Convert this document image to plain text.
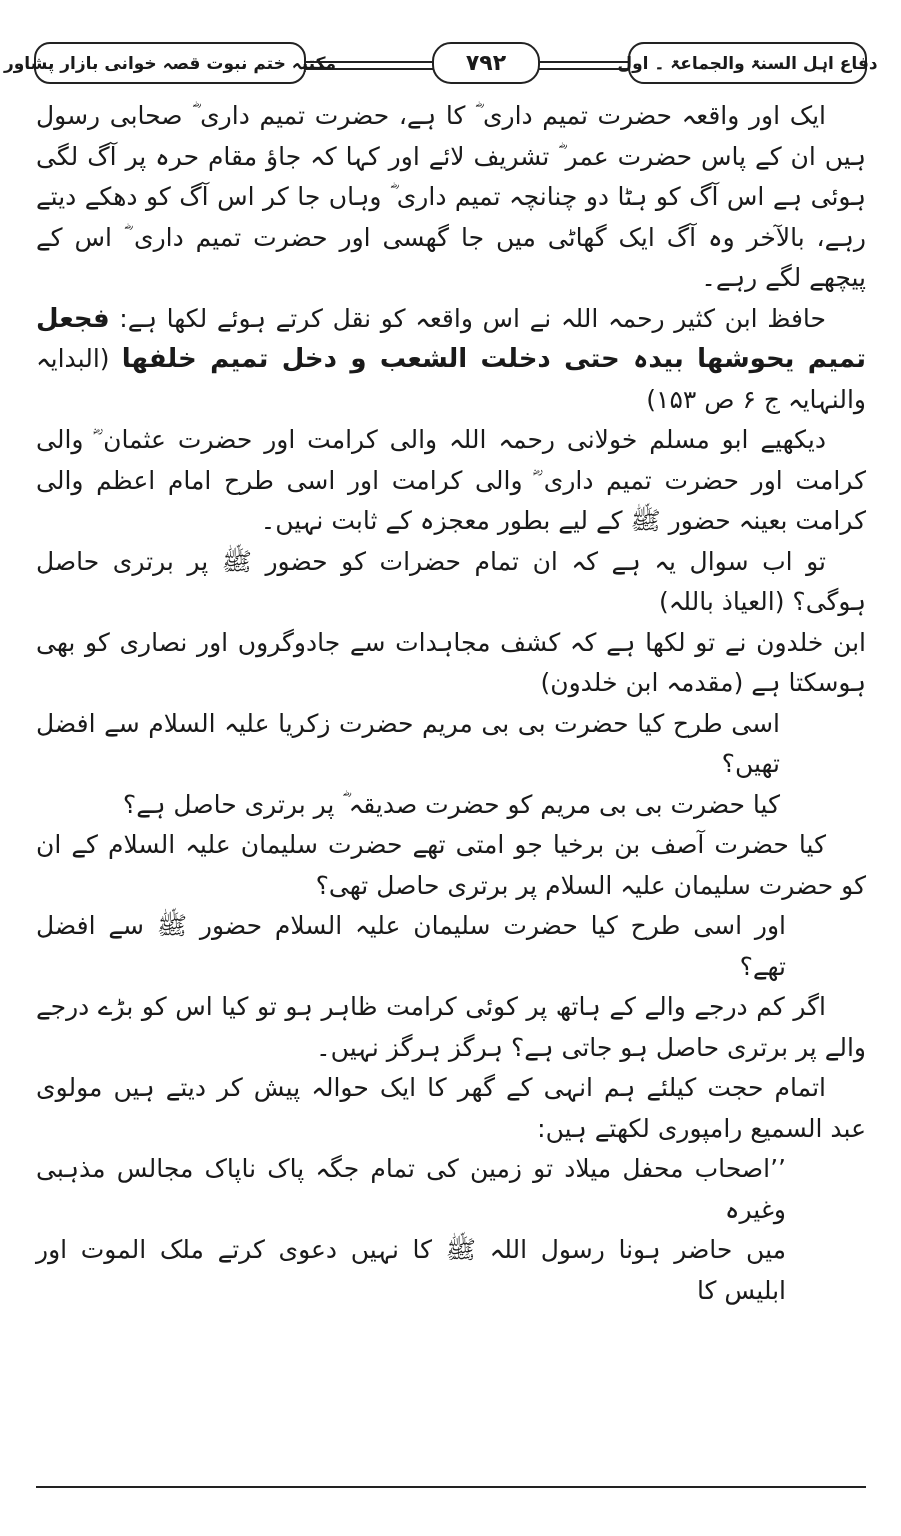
دفاع اہل السنۃ والجماعۃ ۔ اول
۷۹۲
مکتبہ ختم نبوت قصہ خوانی بازار پشاور

ایک اور واقعہ حضرت تمیم داری ؓ کا ہے، حضرت تمیم داری ؓ صحابی رسول ہیں ان کے پاس حضرت عمر ؓ تشریف لائے اور کہا کہ جاؤ مقام حرہ پر آگ لگی ہوئی ہے اس آگ کو ہٹا دو چنانچہ تمیم داری ؓ وہاں جا کر اس آگ کو دھکے دیتے رہے، بالآخر وہ آگ ایک گھاٹی میں جا گھسی اور حضرت تمیم داری ؓ اس کے پیچھے لگے رہے۔

حافظ ابن کثیر رحمہ اللہ نے اس واقعہ کو نقل کرتے ہوئے لکھا ہے: فجعل تمیم یحوشھا بیدہ حتی دخلت الشعب و دخل تمیم خلفھا (البدایہ والنہایہ ج ۶ ص ۱۵۳)

دیکھیے ابو مسلم خولانی رحمہ اللہ والی کرامت اور حضرت عثمان ؓ والی کرامت اور حضرت تمیم داری ؓ والی کرامت اور اسی طرح امام اعظم والی کرامت بعینہ حضور ﷺ کے لیے بطور معجزہ کے ثابت نہیں۔

تو اب سوال یہ ہے کہ ان تمام حضرات کو حضور ﷺ پر برتری حاصل ہوگی؟ (العیاذ باللہ)

ابن خلدون نے تو لکھا ہے کہ کشف مجاہدات سے جادوگروں اور نصاری کو بھی ہوسکتا ہے (مقدمہ ابن خلدون)

اسی طرح کیا حضرت بی بی مریم حضرت زکریا علیہ السلام سے افضل تھیں؟

کیا حضرت بی بی مریم کو حضرت صدیقہ ؓ پر برتری حاصل ہے؟

کیا حضرت آصف بن برخیا جو امتی تھے حضرت سلیمان علیہ السلام کے ان کو حضرت سلیمان علیہ السلام پر برتری حاصل تھی؟

اور اسی طرح کیا حضرت سلیمان علیہ السلام حضور ﷺ سے افضل تھے؟

اگر کم درجے والے کے ہاتھ پر کوئی کرامت ظاہر ہو تو کیا اس کو بڑے درجے والے پر برتری حاصل ہو جاتی ہے؟ ہرگز ہرگز نہیں۔

اتمام حجت کیلئے ہم انہی کے گھر کا ایک حوالہ پیش کر دیتے ہیں مولوی عبد السمیع رامپوری لکھتے ہیں:

’’اصحاب محفل میلاد تو زمین کی تمام جگہ پاک ناپاک مجالس مذہبی وغیرہ

میں حاضر ہونا رسول اللہ ﷺ کا نہیں دعوی کرتے ملک الموت اور ابلیس کا
